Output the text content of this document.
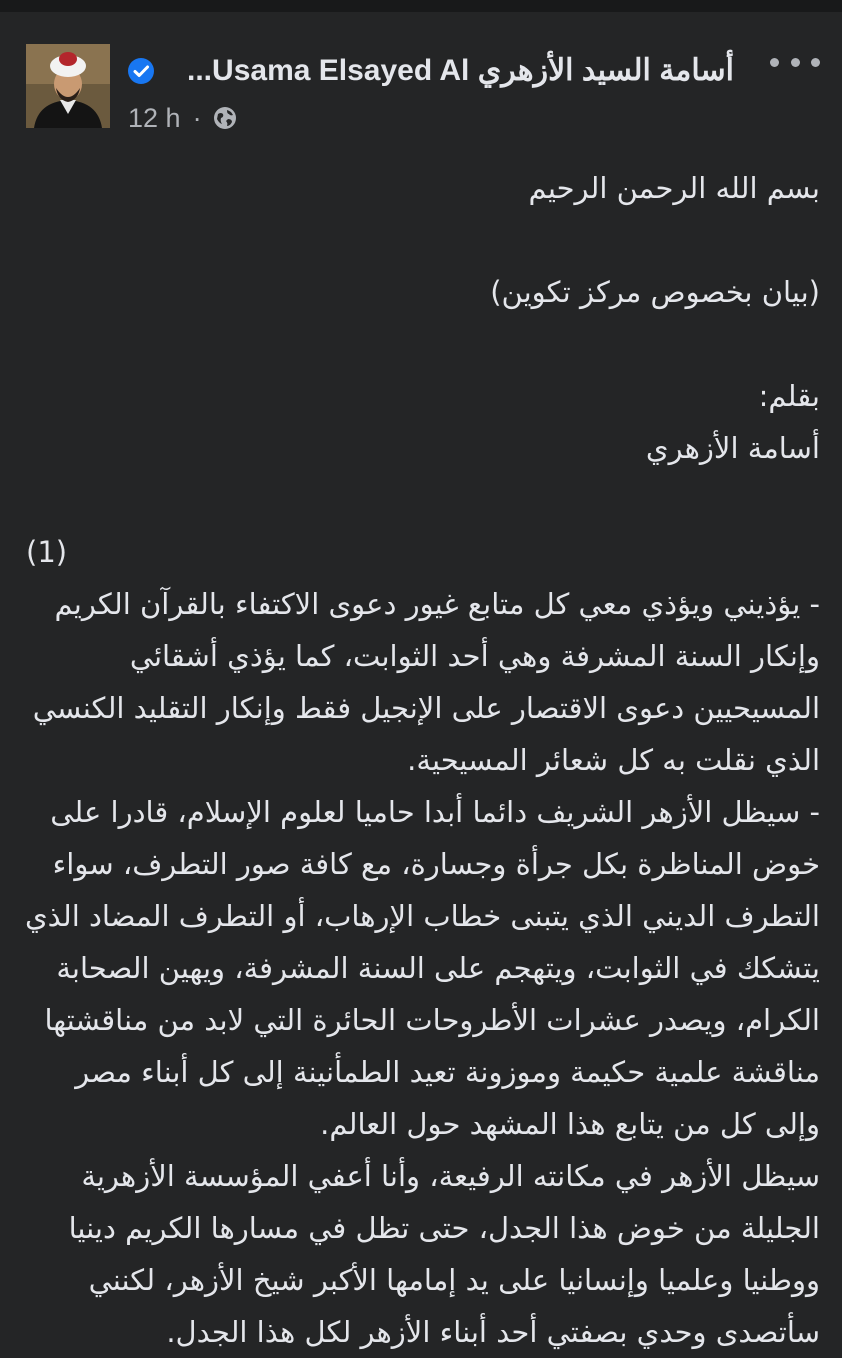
أسامة السيد الأزهري Usama Elsayed Al...
12 h ·

بسم الله الرحمن الرحيم

(بيان بخصوص مركز تكوين)

بقلم:

أسامة الأزهري

(1)

- يؤذيني ويؤذي معي كل متابع غيور دعوى الاكتفاء بالقرآن الكريم وإنكار السنة المشرفة وهي أحد الثوابت، كما يؤذي أشقائي المسيحيين دعوى الاقتصار على الإنجيل فقط وإنكار التقليد الكنسي الذي نقلت به كل شعائر المسيحية.

- سيظل الأزهر الشريف دائما أبدا حاميا لعلوم الإسلام، قادرا على خوض المناظرة بكل جرأة وجسارة، مع كافة صور التطرف، سواء التطرف الديني الذي يتبنى خطاب الإرهاب، أو التطرف المضاد الذي يتشكك في الثوابت، ويتهجم على السنة المشرفة، ويهين الصحابة الكرام، ويصدر عشرات الأطروحات الحائرة التي لابد من مناقشتها مناقشة علمية حكيمة وموزونة تعيد الطمأنينة إلى كل أبناء مصر وإلى كل من يتابع هذا المشهد حول العالم.

سيظل الأزهر في مكانته الرفيعة، وأنا أعفي المؤسسة الأزهرية الجليلة من خوض هذا الجدل، حتى تظل في مسارها الكريم دينيا ووطنيا وعلميا وإنسانيا على يد إمامها الأكبر شيخ الأزهر، لكنني سأتصدى وحدي بصفتي أحد أبناء الأزهر لكل هذا الجدل.
